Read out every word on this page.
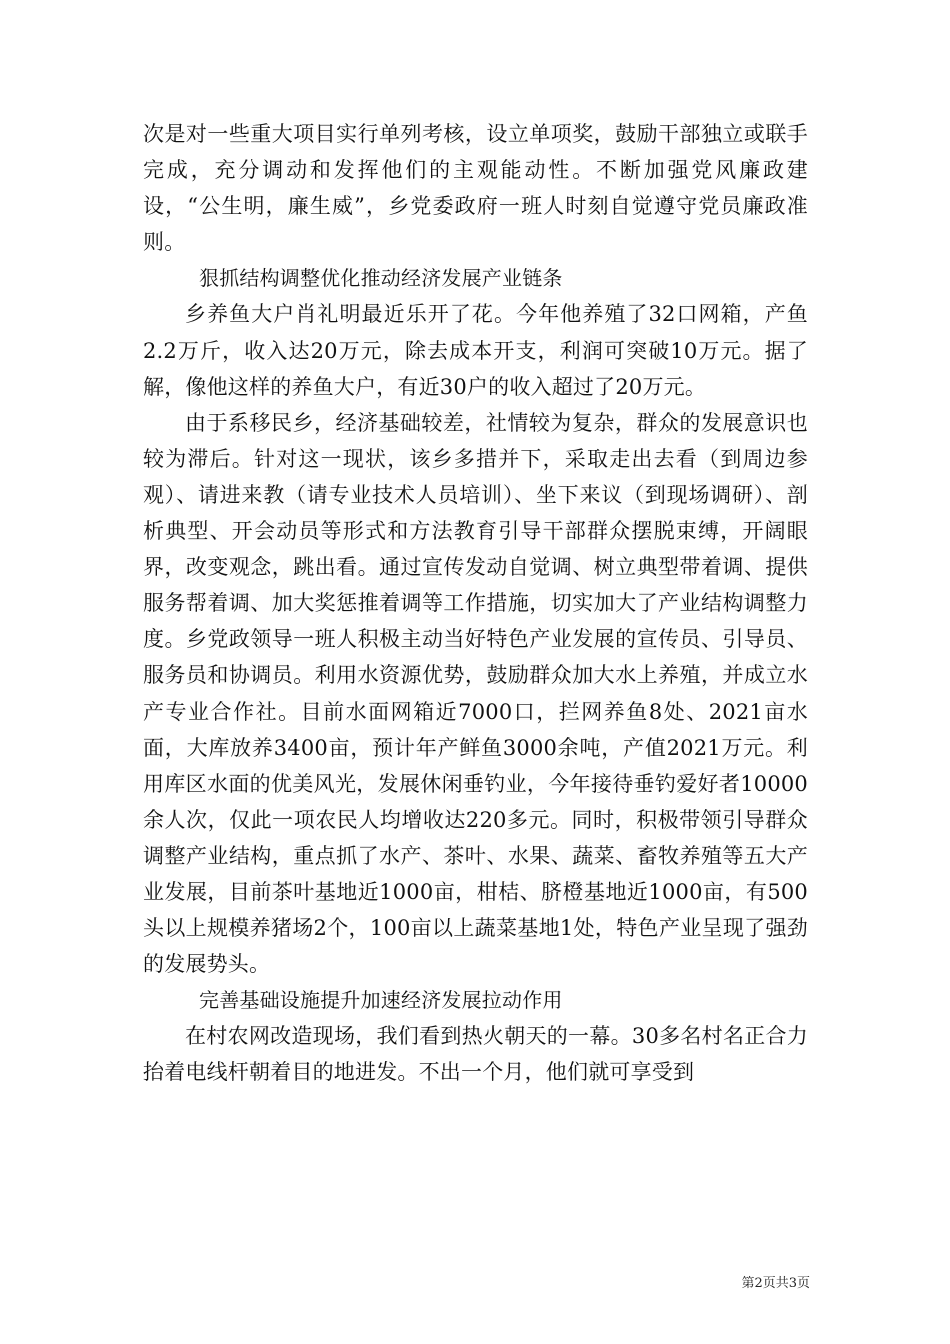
次是对一些重大项目实行单列考核，设立单项奖，鼓励干部独立或联手完成，充分调动和发挥他们的主观能动性。不断加强党风廉政建设，“公生明，廉生威”，乡党委政府一班人时刻自觉遵守党员廉政准则。

狠抓结构调整优化推动经济发展产业链条

乡养鱼大户肖礼明最近乐开了花。今年他养殖了32口网箱，产鱼2.2万斤，收入达20万元，除去成本开支，利润可突破10万元。据了解，像他这样的养鱼大户，有近30户的收入超过了20万元。

由于系移民乡，经济基础较差，社情较为复杂，群众的发展意识也较为滞后。针对这一现状，该乡多措并下，采取走出去看（到周边参观）、请进来教（请专业技术人员培训）、坐下来议（到现场调研）、剖析典型、开会动员等形式和方法教育引导干部群众摆脱束缚，开阔眼界，改变观念，跳出看。通过宣传发动自觉调、树立典型带着调、提供服务帮着调、加大奖惩推着调等工作措施，切实加大了产业结构调整力度。乡党政领导一班人积极主动当好特色产业发展的宣传员、引导员、服务员和协调员。利用水资源优势，鼓励群众加大水上养殖，并成立水产专业合作社。目前水面网箱近7000口，拦网养鱼8处、2021亩水面，大库放养3400亩，预计年产鲜鱼3000余吨，产值2021万元。利用库区水面的优美风光，发展休闲垂钓业，今年接待垂钓爱好者10000余人次，仅此一项农民人均增收达220多元。同时，积极带领引导群众调整产业结构，重点抓了水产、茶叶、水果、蔬菜、畜牧养殖等五大产业发展，目前茶叶基地近1000亩，柑桔、脐橙基地近1000亩，有500头以上规模养猪场2个，100亩以上蔬菜基地1处，特色产业呈现了强劲的发展势头。

完善基础设施提升加速经济发展拉动作用

在村农网改造现场，我们看到热火朝天的一幕。30多名村名正合力抬着电线杆朝着目的地进发。不出一个月，他们就可享受到

第2页共3页
